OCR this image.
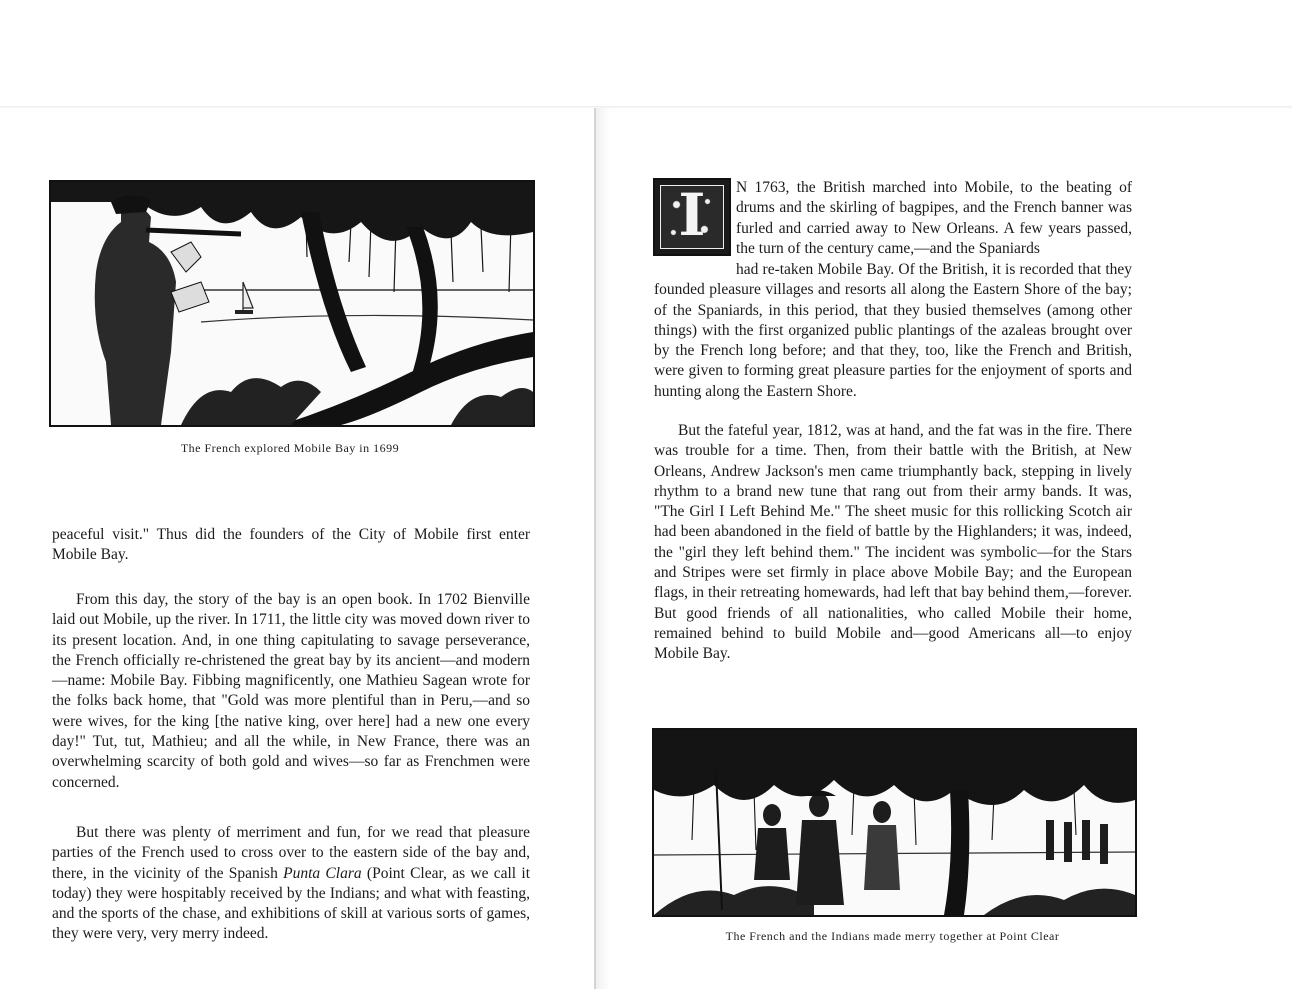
The French explored Mobile Bay in 1699

peaceful visit." Thus did the founders of the City of Mobile first enter Mobile Bay.

From this day, the story of the bay is an open book. In 1702 Bienville laid out Mobile, up the river. In 1711, the little city was moved down river to its present location. And, in one thing capitulating to savage perseverance, the French officially re-christened the great bay by its ancient—and modern—name: Mobile Bay. Fibbing magnificently, one Mathieu Sagean wrote for the folks back home, that "Gold was more plentiful than in Peru,—and so were wives, for the king [the native king, over here] had a new one every day!" Tut, tut, Mathieu; and all the while, in New France, there was an overwhelming scarcity of both gold and wives—so far as Frenchmen were concerned.

But there was plenty of merriment and fun, for we read that pleasure parties of the French used to cross over to the eastern side of the bay and, there, in the vicinity of the Spanish Punta Clara (Point Clear, as we call it today) they were hospitably received by the Indians; and what with feasting, and the sports of the chase, and exhibitions of skill at various sorts of games, they were very, very merry indeed.

I	N 1763, the British marched into Mobile, to the beating of drums and the skirling of bagpipes, and the French banner was furled and carried away to New Orleans. A few years passed, the turn of the century came,—and the Spaniards

had re-taken Mobile Bay. Of the British, it is recorded that they founded pleasure villages and resorts all along the Eastern Shore of the bay; of the Spaniards, in this period, that they busied themselves (among other things) with the first organized public plantings of the azaleas brought over by the French long before; and that they, too, like the French and British, were given to forming great pleasure parties for the enjoyment of sports and hunting along the Eastern Shore.

But the fateful year, 1812, was at hand, and the fat was in the fire. There was trouble for a time. Then, from their battle with the British, at New Orleans, Andrew Jackson's men came triumphantly back, stepping in lively rhythm to a brand new tune that rang out from their army bands. It was, "The Girl I Left Behind Me." The sheet music for this rollicking Scotch air had been abandoned in the field of battle by the Highlanders; it was, indeed, the "girl they left behind them." The incident was symbolic—for the Stars and Stripes were set firmly in place above Mobile Bay; and the European flags, in their retreating homewards, had left that bay behind them,—forever. But good friends of all nationalities, who called Mobile their home, remained behind to build Mobile and—good Americans all—to enjoy Mobile Bay.

The French and the Indians made merry together at Point Clear
